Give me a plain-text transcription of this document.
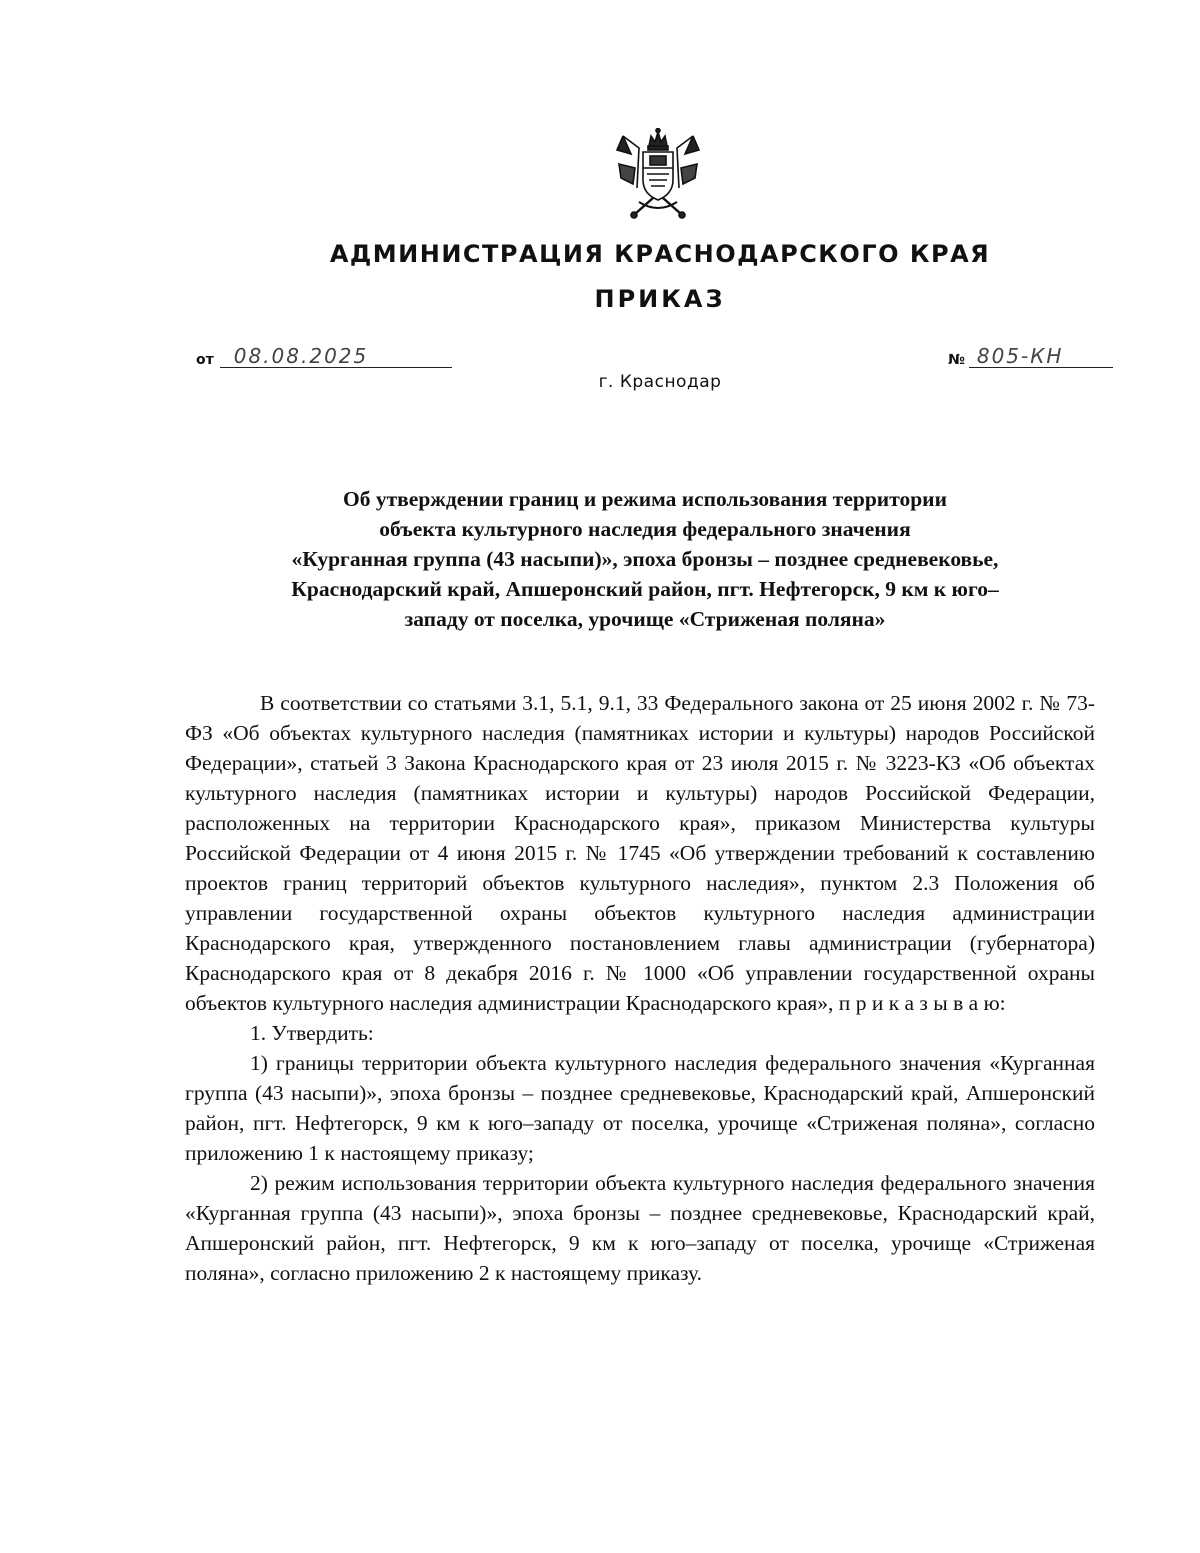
АДМИНИСТРАЦИЯ КРАСНОДАРСКОГО КРАЯ
ПРИКАЗ
от	08.08.2025	№ 805-КН
г. Краснодар
Об утверждении границ и режима использования территории
объекта культурного наследия федерального значения
«Курганная группа (43 насыпи)», эпоха бронзы – позднее средневековье,
Краснодарский край, Апшеронский район, пгт. Нефтегорск, 9 км к юго–
западу от поселка, урочище «Стриженая поляна»

В соответствии со статьями 3.1, 5.1, 9.1, 33 Федерального закона от 25 июня 2002 г. № 73-ФЗ «Об объектах культурного наследия (памятниках истории и культуры) народов Российской Федерации», статьей 3 Закона Краснодарского края от 23 июля 2015 г. № 3223-КЗ «Об объектах культурного наследия (памятниках истории и культуры) народов Российской Федерации, расположенных на территории Краснодарского края», приказом Министерства культуры Российской Федерации от 4 июня 2015 г. № 1745 «Об утверждении требований к составлению проектов границ территорий объектов культурного наследия», пунктом 2.3 Положения об управлении государственной охраны объектов культурного наследия администрации Краснодарского края, утвержденного постановлением главы администрации (губернатора) Краснодарского края от 8 декабря 2016 г. № 1000 «Об управлении государственной охраны объектов культурного наследия администрации Краснодарского края», п р и к а з ы в а ю:

1. Утвердить:

1) границы территории объекта культурного наследия федерального значения «Курганная группа (43 насыпи)», эпоха бронзы – позднее средневековье, Краснодарский край, Апшеронский район, пгт. Нефтегорск, 9 км к юго–западу от поселка, урочище «Стриженая поляна», согласно приложению 1 к настоящему приказу;

2) режим использования территории объекта культурного наследия федерального значения «Курганная группа (43 насыпи)», эпоха бронзы – позднее средневековье, Краснодарский край, Апшеронский район, пгт. Нефтегорск, 9 км к юго–западу от поселка, урочище «Стриженая поляна», согласно приложению 2 к настоящему приказу.
